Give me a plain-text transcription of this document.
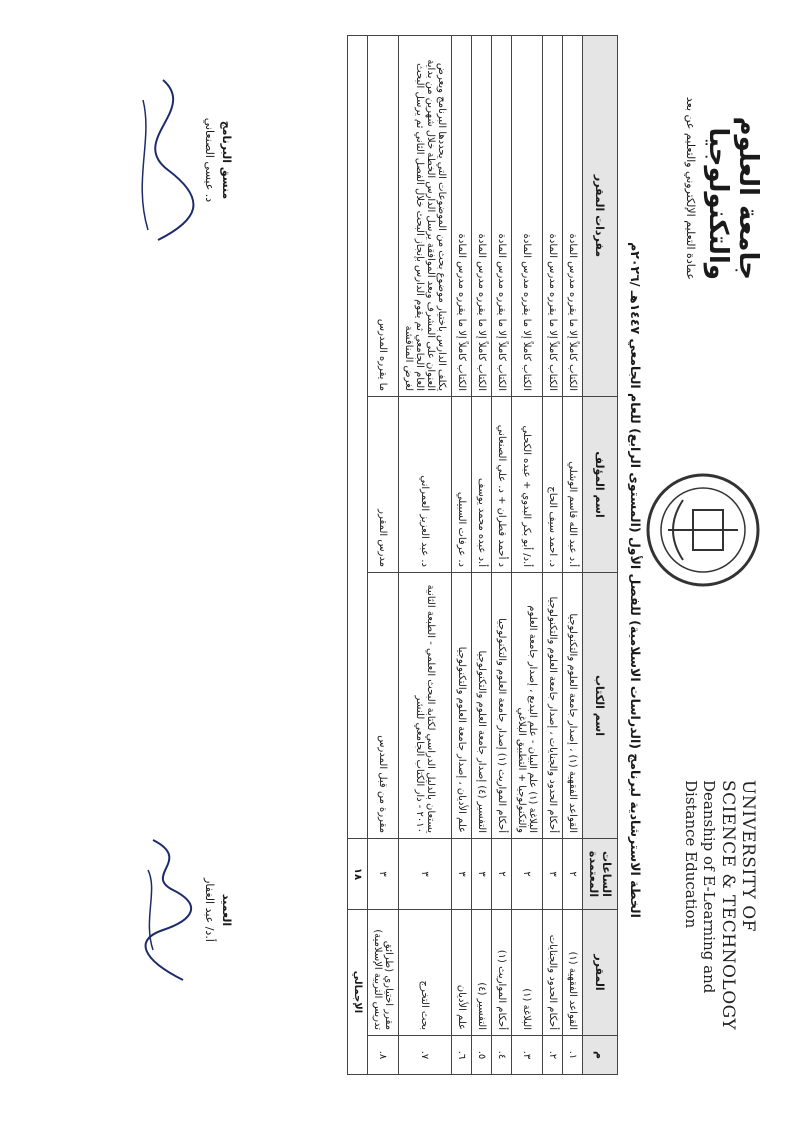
جامعة العلوم والتكنولوجيا
عمادة التعليم الإلكتروني والتعليم عن بعد
UNIVERSITY OF
SCIENCE & TECHNOLOGY
Deanship of E-Learning and
Distance Education
الخطة الاسترشادية لبرنامج (الدراسات الاسلامية) للفصل الأول (المستوى الرابع) للعام الجامعي ١٤٤٧هـ /٢٠٢٦م
م	المقرر	الساعات المعتمدة	اسم الكتاب	اسم المؤلف	مفردات المقرر
١.	القواعد الفقهية (١)	٢	القواعد الفقهية (١) ، إصدار جامعة العلوم والتكنولوجيا	أ.د عبد الله قاسم الوشلي	الكتاب كاملاً إلا ما يقرره مدرس المادة
٢.	أحكام الحدود والجنايات	٣	أحكام الحدود والجنايات ، إصدار جامعة العلوم والتكنولوجيا	د. احمد سيف الحاج	الكتاب كاملاً إلا ما يقرره مدرس المادة
٣.	البلاغة (١)	٢	البلاغة (١) علم البيان - علم البديع ، إصدار جامعة العلوم والتكنولوجيا + التطبيق البلاغي	أ.د/ أبو بكر البدوي + عبده الكحلي	الكتاب كاملاً إلا ما يقرره مدرس المادة
٤.	أحكام المواريث (١)	٢	أحكام المواريث (١) إصدار جامعة العلوم والتكنولوجيا	د أحمد قطران + د. علي الصنعاني	الكتاب كاملاً إلا ما يقرره مدرس المادة
٥.	التفسير (٤)	٣	التفسير (٤) إصدار جامعة العلوم والتكنولوجيا	أ.د عبده محمد يوسف	الكتاب كاملاً إلا ما يقرره مدرس المادة
٦.	علم الأديان	٣	علم الأديان ، إصدار جامعة العلوم والتكنولوجيا	د. عرفات السبيلي	الكتاب كاملاً إلا ما يقرره مدرس المادة
٧.	بحث التخرج	٣	يستعان بالدليل الدراسي لكتابة البحث العلمي - الطبعة الثانية ٢٠١٠ - دار الكتاب الجامعي للنشر	د. عبد العزيز العمراني	يكلف الدارس باختيار موضوع بحث من الموضوعات التي يحددها البرنامج ويعرض العنوان على المشرف وبعد الموافقة يرسل الدارس الخطة خلال شهرين من بداية العام الجامعي ثم يقوم الدارس بإنجاز البحث خلال الفصل الثاني ثم يرسل البحث لغرض المناقشة
٨.	مقرر اختياري (طرائق تدريس التربية الإسلامية)	٣	مقررة من قبل المدرس	مدرس المقرر	ما يقرره المدرس
الإجمالي		١٨			
العميد
أ.د/ عبد الغفار
منسق البرنامج
د. عيسى الصنعاني
